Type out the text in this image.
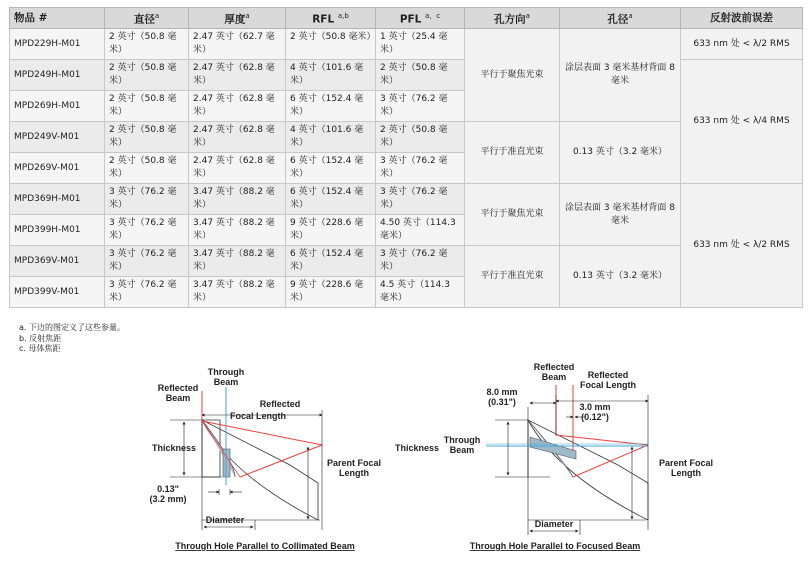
物品 #	直径$^a$	厚度$^a$	RFL $^{a,b}$	PFL $^{a,c}$	孔方向$^a$	孔径$^a$	反射波前误差
MPD229H-M01	2 英寸（50.8 毫米）	2.47 英寸（62.7 毫米）	2 英寸（50.8 毫米）	1 英寸（25.4 毫米）	平行于聚焦光束	涂层表面 3 毫米基材背面 8 毫米	633 nm 处 < λ/2 RMS
MPD249H-M01	2 英寸（50.8 毫米）	2.47 英寸（62.8 毫米）	4 英寸（101.6 毫米）	2 英寸（50.8 毫米）			633 nm 处 < λ/4 RMS
MPD269H-M01	2 英寸（50.8 毫米）	2.47 英寸（62.8 毫米）	6 英寸（152.4 毫米）	3 英寸（76.2 毫米）			
MPD249V-M01	2 英寸（50.8 毫米）	2.47 英寸（62.8 毫米）	4 英寸（101.6 毫米）	2 英寸（50.8 毫米）	平行于准直光束	0.13 英寸（3.2 毫米）	
MPD269V-M01	2 英寸（50.8 毫米）	2.47 英寸（62.8 毫米）	6 英寸（152.4 毫米）	3 英寸（76.2 毫米）			
MPD369H-M01	3 英寸（76.2 毫米）	3.47 英寸（88.2 毫米）	6 英寸（152.4 毫米）	3 英寸（76.2 毫米）	平行于聚焦光束	涂层表面 3 毫米基材背面 8 毫米	633 nm 处 < λ/2 RMS
MPD399H-M01	3 英寸（76.2 毫米）	3.47 英寸（88.2 毫米）	9 英寸（228.6 毫米）	4.50 英寸（114.3 毫米）			
MPD369V-M01	3 英寸（76.2 毫米）	3.47 英寸（88.2 毫米）	6 英寸（152.4 毫米）	3 英寸（76.2 毫米）	平行于准直光束	0.13 英寸（3.2 毫米）	
MPD399V-M01	3 英寸（76.2 毫米）	3.47 英寸（88.2 毫米）	9 英寸（228.6 毫米）	4.5 英寸（114.3 毫米）			
a. 下边的图定义了这些参量。
b. 反射焦距
c. 母体焦距
Reflected Beam
Through Beam
Reflected
Focal Length
Thickness
Parent Focal Length
0.13" (3.2 mm)
Diameter
Through Hole Parallel to Collimated Beam
Reflected Beam	Reflected Focal Length
8.0 mm (0.31")	3.0 mm (0.12")
Thickness
Through Beam
Parent Focal Length
Diameter
Through Hole Parallel to Focused Beam
